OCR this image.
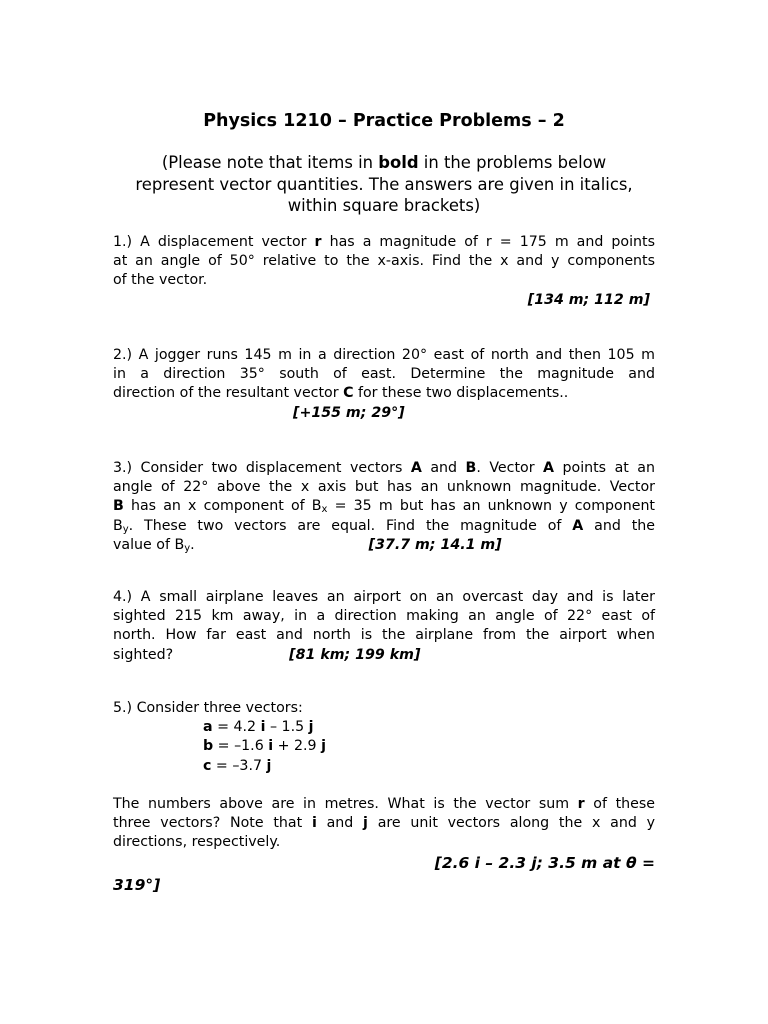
Physics 1210 – Practice Problems – 2
(Please note that items in bold in the problems below
represent vector quantities. The answers are given in italics,
within square brackets)
1.) A displacement vector r has a magnitude of r = 175 m and points
at an angle of 50° relative to the x-axis. Find the x and y components
of the vector.
[134 m; 112 m]
2.) A jogger runs 145 m in a direction 20° east of north and then 105 m
in a direction 35° south of east. Determine the magnitude and
direction of the resultant vector C for these two displacements..
[+155 m; 29°]
3.) Consider two displacement vectors A and B. Vector A points at an
angle of 22° above the x axis but has an unknown magnitude. Vector
B has an x component of $B_x = 35$ m but has an unknown y component
$B_y$. These two vectors are equal. Find the magnitude of A and the
value of $B_y$.	[37.7 m; 14.1 m]
4.) A small airplane leaves an airport on an overcast day and is later
sighted 215 km away, in a direction making an angle of 22° east of
north. How far east and north is the airplane from the airport when
sighted?	[81 km; 199 km]
5.) Consider three vectors:
a = 4.2 i – 1.5 j
b = –1.6 i + 2.9 j
c = –3.7 j
The numbers above are in metres. What is the vector sum r of these
three vectors? Note that i and j are unit vectors along the x and y
directions, respectively.
[2.6 i – 2.3 j; 3.5 m at θ =
319°]
